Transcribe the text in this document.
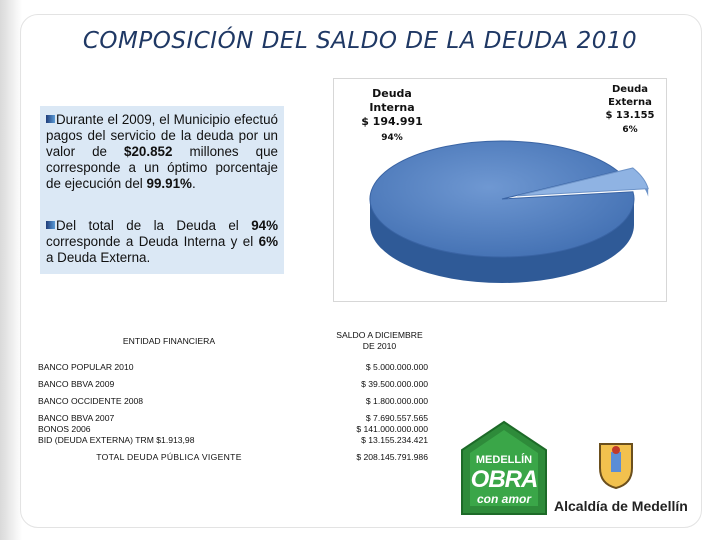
COMPOSICIÓN DEL SALDO DE LA DEUDA 2010

Durante el 2009, el Municipio efectuó pagos del servicio de la deuda por un valor de $20.852 millones que corresponde a un óptimo porcentaje de ejecución del 99.91%.

Del total de la Deuda el 94% corresponde a Deuda Interna y el 6% a Deuda Externa.

Deuda
Interna
$ 194.991
94%
Deuda
Externa
$ 13.155
6%
ENTIDAD FINANCIERA	SALDO A DICIEMBRE DE 2010
BANCO POPULAR 2010	$ 5.000.000.000
BANCO BBVA 2009	$ 39.500.000.000
BANCO OCCIDENTE 2008	$ 1.800.000.000
BANCO BBVA 2007	$ 7.690.557.565
BONOS 2006	$ 141.000.000.000
BID (DEUDA EXTERNA) TRM $1.913,98	$ 13.155.234.421
TOTAL DEUDA PÚBLICA VIGENTE	$ 208.145.791.986	MEDELLÍN
OBRA
con amor	Alcaldía de Medellín
